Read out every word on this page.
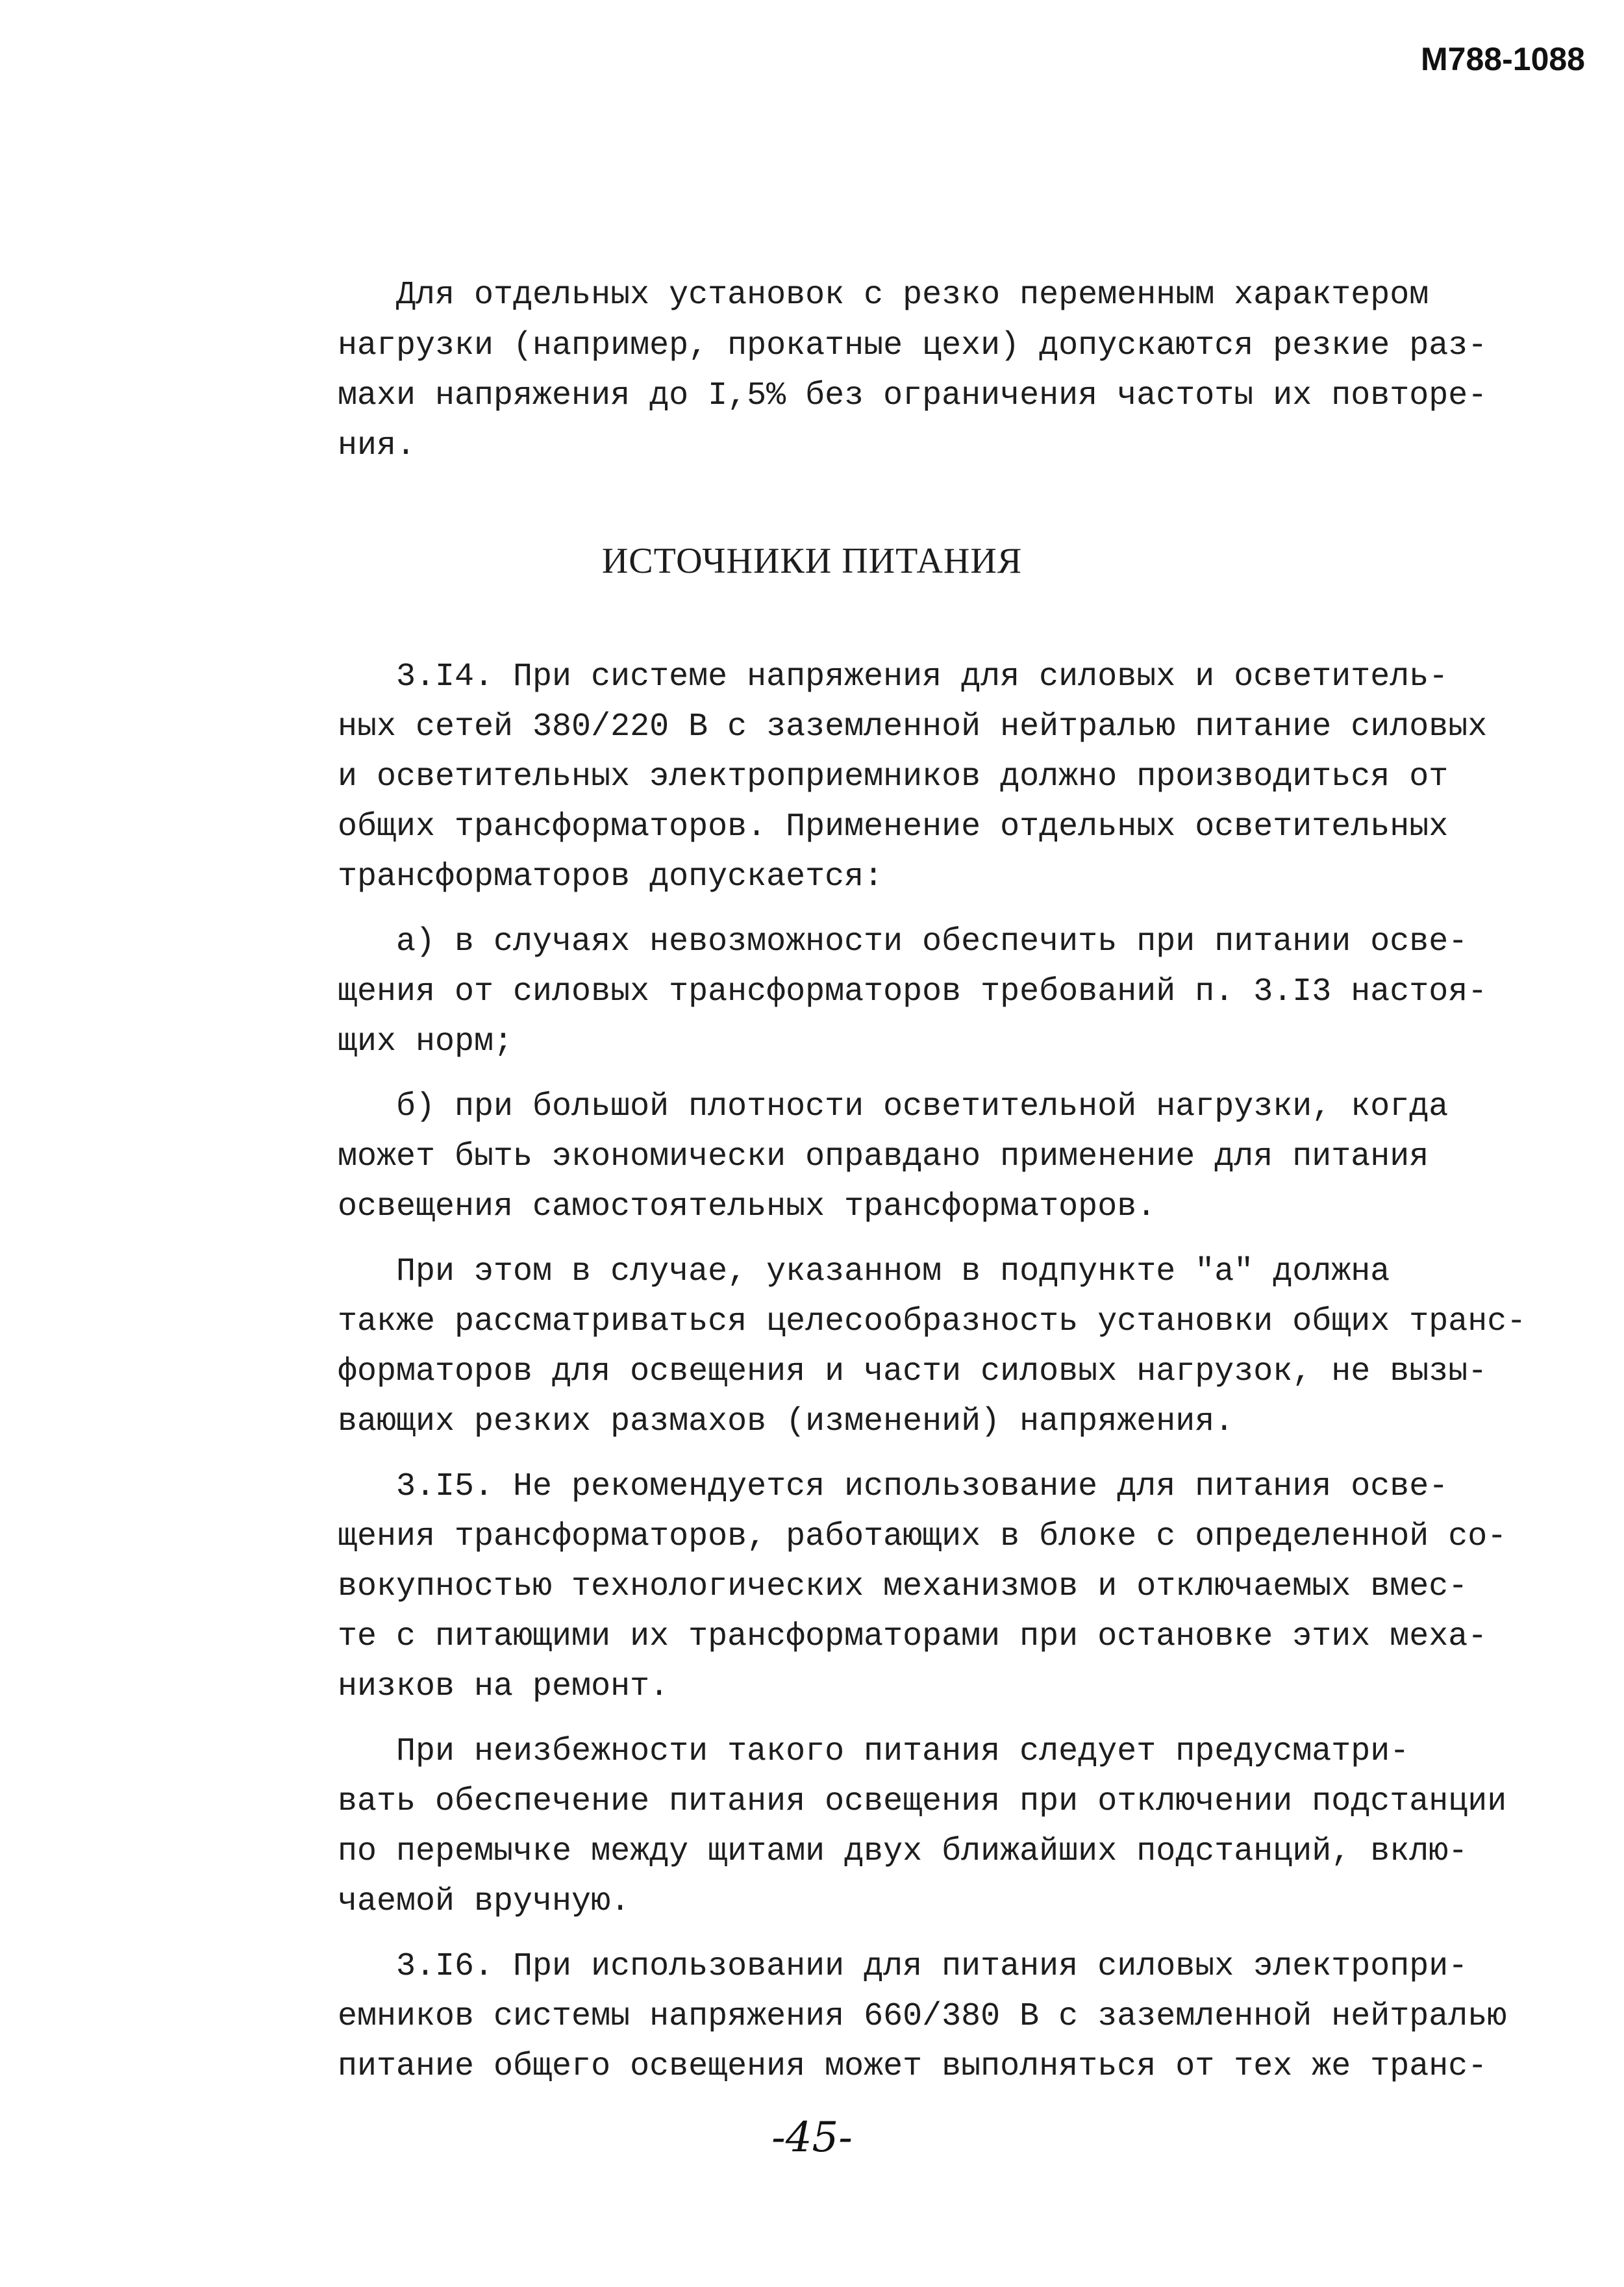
М788-1088
Для отдельных установок с резко переменным характером
нагрузки (например, прокатные цехи) допускаются резкие раз-
махи напряжения до I,5% без ограничения частоты их повторе-
ния.
ИСТОЧНИКИ ПИТАНИЯ
3.I4. При системе напряжения для силовых и осветитель-
ных сетей 380/220 В с заземленной нейтралью питание силовых
и осветительных электроприемников должно производиться от
общих трансформаторов. Применение отдельных осветительных
трансформаторов допускается:
а) в случаях невозможности обеспечить при питании осве-
щения от силовых трансформаторов требований п. 3.I3 настоя-
щих норм;
б) при большой плотности осветительной нагрузки, когда
может быть экономически оправдано применение для питания
освещения самостоятельных трансформаторов.
При этом в случае, указанном в подпункте "а" должна
также рассматриваться целесообразность установки общих транс-
форматоров для освещения и части силовых нагрузок, не вызы-
вающих резких размахов (изменений) напряжения.
3.I5. Не рекомендуется использование для питания осве-
щения трансформаторов, работающих в блоке с определенной со-
вокупностью технологических механизмов и отключаемых вмес-
те с питающими их трансформаторами при остановке этих меха-
низков на ремонт.
При неизбежности такого питания следует предусматри-
вать обеспечение питания освещения при отключении подстанции
по перемычке между щитами двух ближайших подстанций, вклю-
чаемой вручную.
3.I6. При использовании для питания силовых электропри-
емников системы напряжения 660/380 В с заземленной нейтралью
питание общего освещения может выполняться от тех же транс-
-45-
